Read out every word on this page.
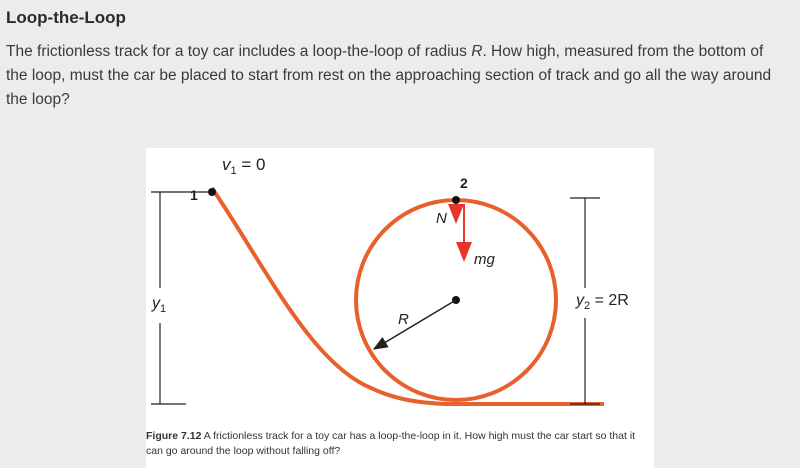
Loop-the-Loop
The frictionless track for a toy car includes a loop-the-loop of radius R. How high, measured from the bottom of the loop, must the car be placed to start from rest on the approaching section of track and go all the way around the loop?
$v_1 = 0$
1
2
N
mg
R
$y_1$	$y_2 = 2R$
Figure 7.12 A frictionless track for a toy car has a loop-the-loop in it. How high must the car start so that it can go around the loop without falling off?
